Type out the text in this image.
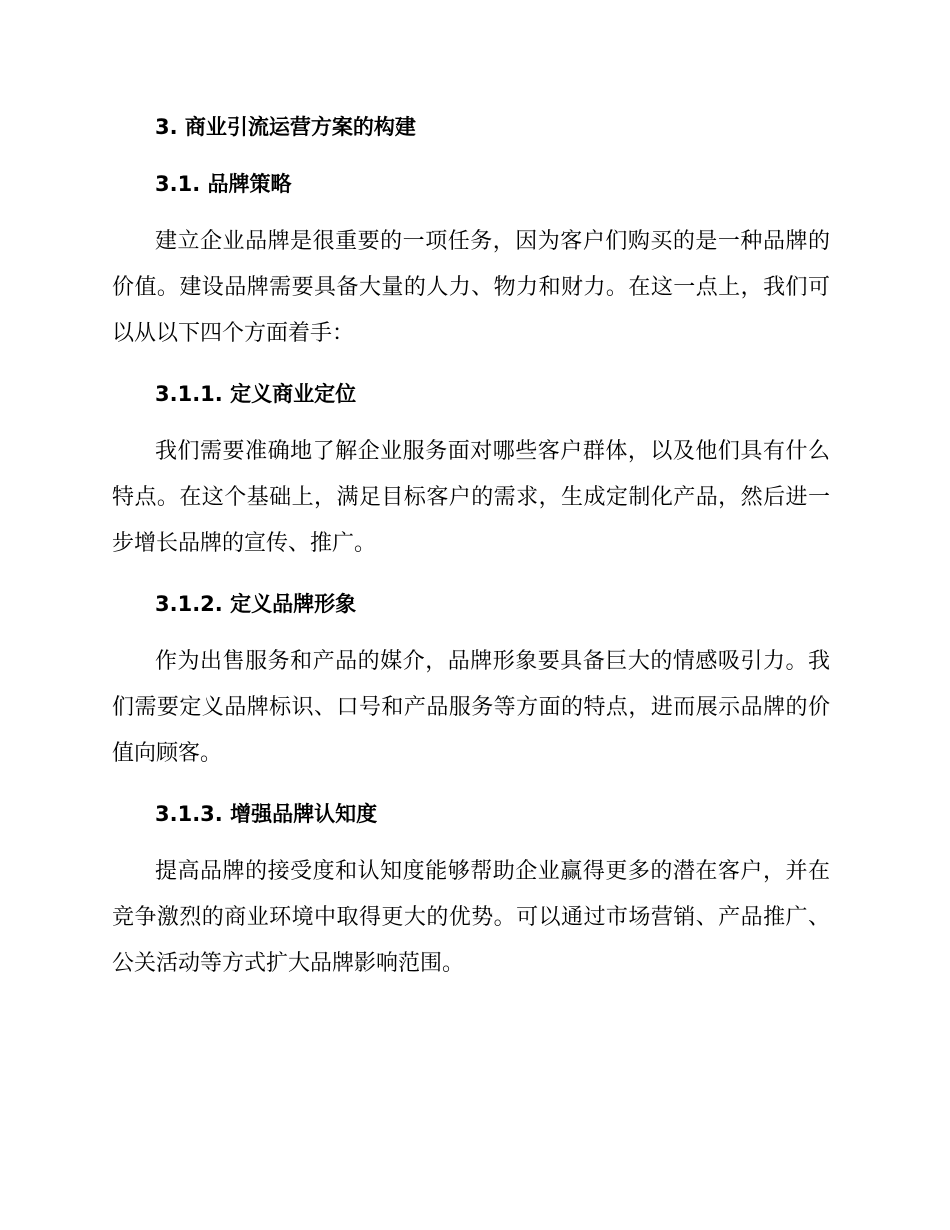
3. 商业引流运营方案的构建
3.1. 品牌策略

建立企业品牌是很重要的一项任务，因为客户们购买的是一种品牌的价值。建设品牌需要具备大量的人力、物力和财力。在这一点上，我们可以从以下四个方面着手：

3.1.1. 定义商业定位

我们需要准确地了解企业服务面对哪些客户群体，以及他们具有什么特点。在这个基础上，满足目标客户的需求，生成定制化产品，然后进一步增长品牌的宣传、推广。

3.1.2. 定义品牌形象

作为出售服务和产品的媒介，品牌形象要具备巨大的情感吸引力。我们需要定义品牌标识、口号和产品服务等方面的特点，进而展示品牌的价值向顾客。

3.1.3. 增强品牌认知度

提高品牌的接受度和认知度能够帮助企业赢得更多的潜在客户，并在竞争激烈的商业环境中取得更大的优势。可以通过市场营销、产品推广、公关活动等方式扩大品牌影响范围。
